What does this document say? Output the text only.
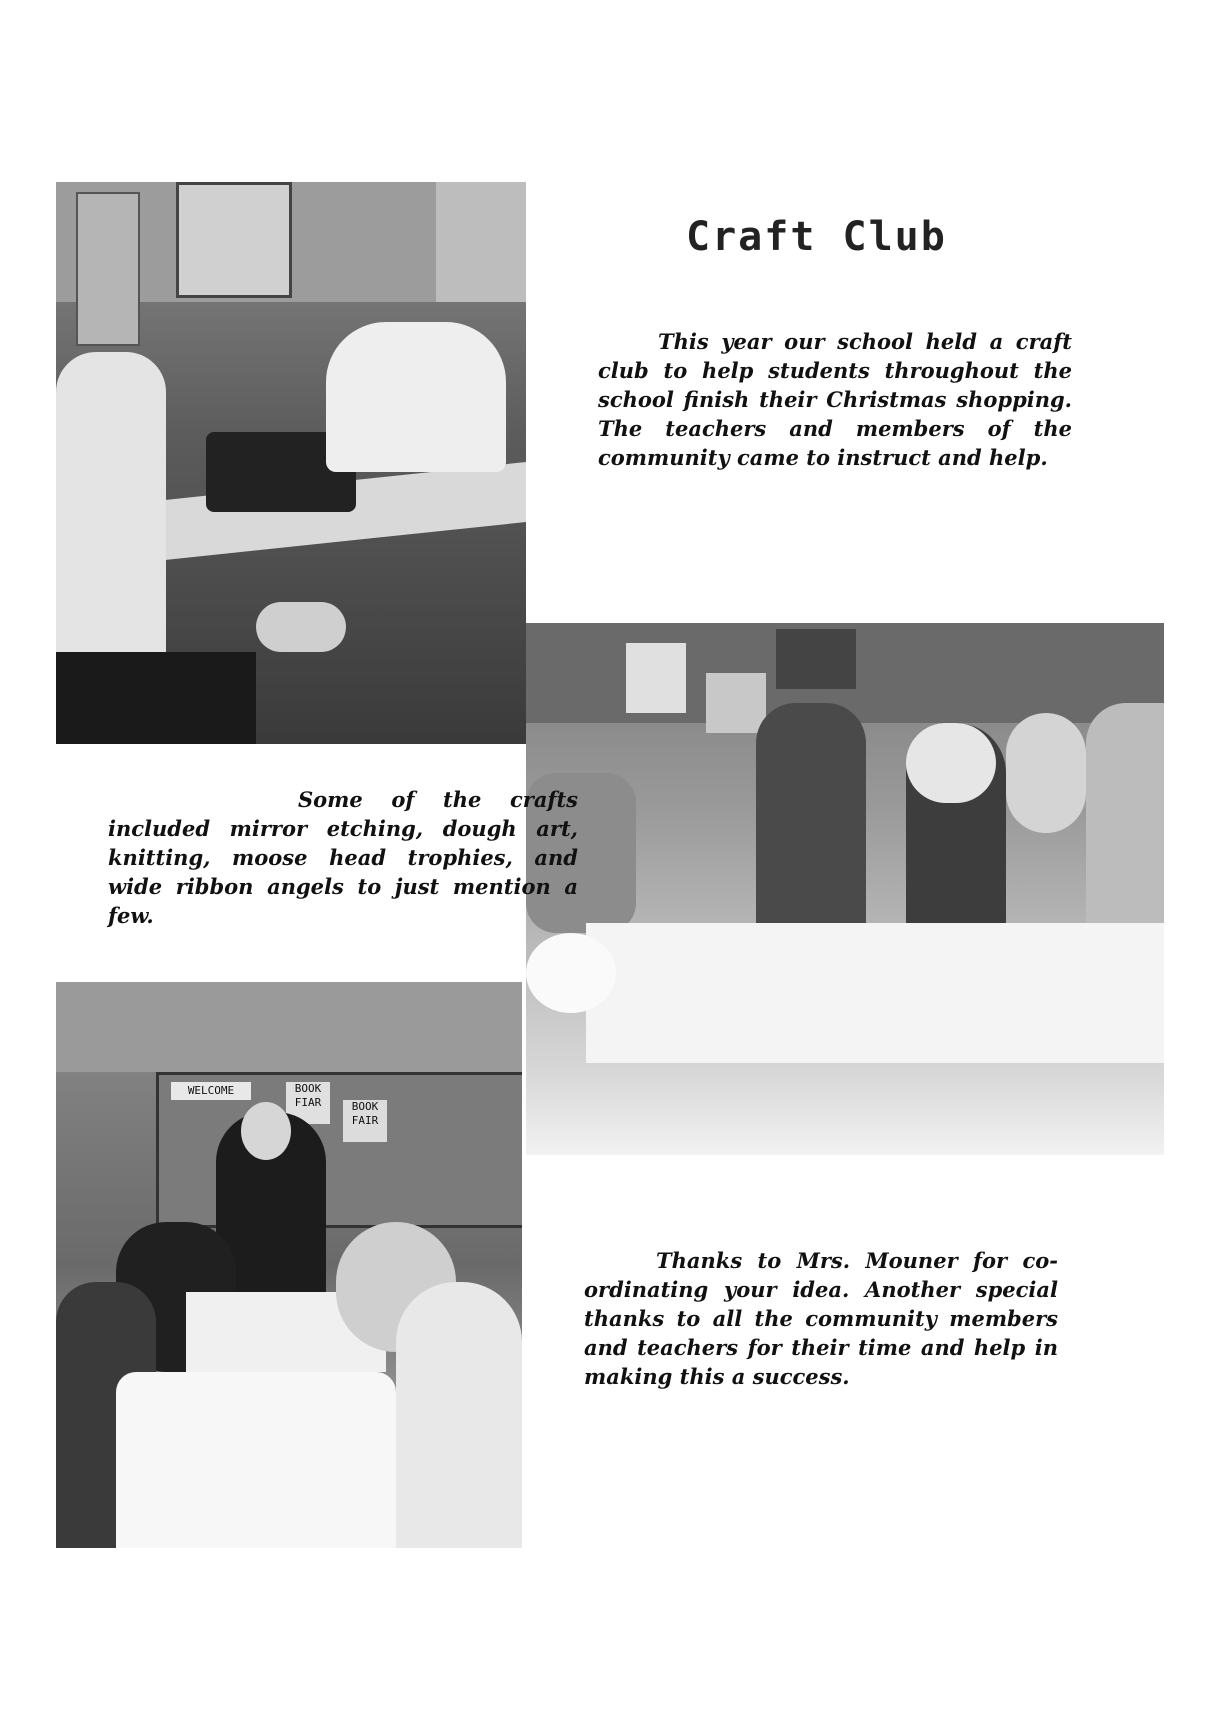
WELCOME	BOOK FIAR	BOOK FAIR
Craft Club

This year our school held a craft club to help students throughout the school finish their Christmas shopping. The teachers and members of the community came to instruct and help.

Some of the crafts included mirror etching, dough art, knitting, moose head trophies, and wide ribbon angels to just mention a few.

Thanks to Mrs. Mouner for co-ordinating your idea. Another special thanks to all the community members and teachers for their time and help in making this a success.
